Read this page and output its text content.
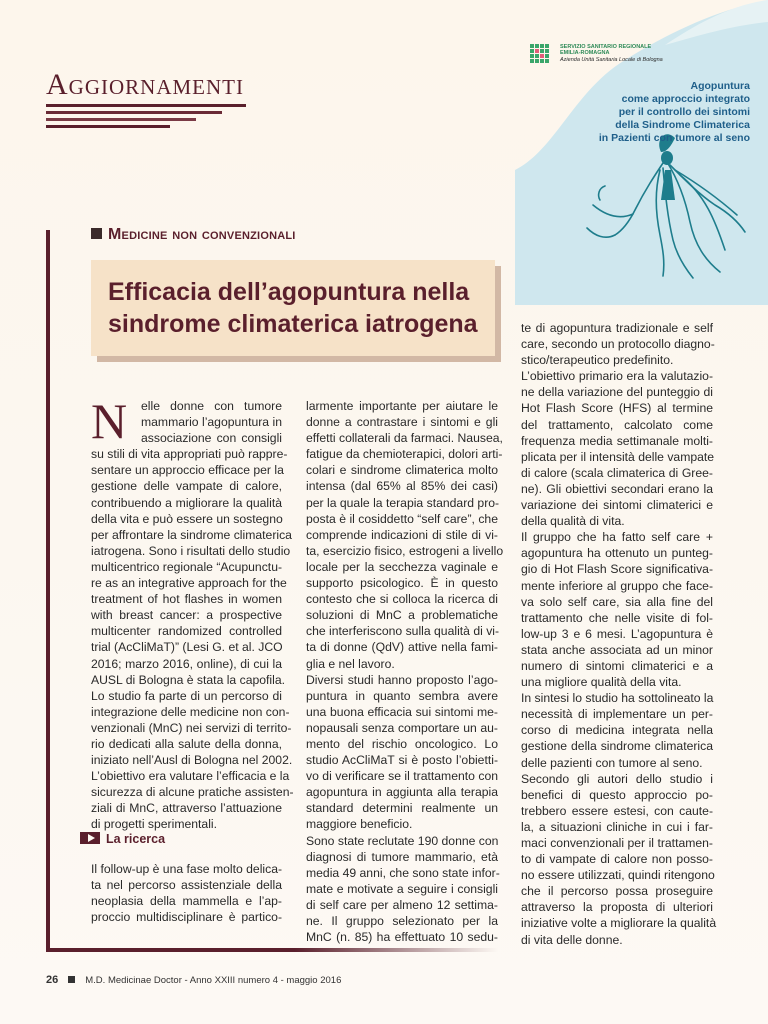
Aggiornamenti
SERVIZIO SANITARIO REGIONALE
EMILIA-ROMAGNA
Azienda Unità Sanitaria Locale di Bologna
Agopuntura
come approccio integrato
per il controllo dei sintomi
della Sindrome Climaterica
in Pazienti con tumore al seno
Medicine non convenzionali
Efficacia dell’agopuntura nella
sindrome climaterica iatrogena
N	elle donne con tumore
mammario l’agopuntura in
associazione con consigli
su stili di vita appropriati può rappre-
sentare un approccio efficace per la
gestione delle vampate di calore,
contribuendo a migliorare la qualità
della vita e può essere un sostegno
per affrontare la sindrome climaterica
iatrogena. Sono i risultati dello studio
multicentrico regionale “Acupunctu-
re as an integrative approach for the
treatment of hot flashes in women
with breast cancer: a prospective
multicenter randomized controlled
trial (AcCliMaT)” (Lesi G. et al. JCO
2016; marzo 2016, online), di cui la
AUSL di Bologna è stata la capofila.
Lo studio fa parte di un percorso di
integrazione delle medicine non con-
venzionali (MnC) nei servizi di territo-
rio dedicati alla salute della donna,
iniziato nell’Ausl di Bologna nel 2002.
L’obiettivo era valutare l’efficacia e la
sicurezza di alcune pratiche assisten-
ziali di MnC, attraverso l’attuazione
di progetti sperimentali.
La ricerca
Il follow-up è una fase molto delica-
ta nel percorso assistenziale della
neoplasia della mammella e l’ap-
proccio multidisciplinare è partico-
larmente importante per aiutare le
donne a contrastare i sintomi e gli
effetti collaterali da farmaci. Nausea,
fatigue da chemioterapici, dolori arti-
colari e sindrome climaterica molto
intensa (dal 65% al 85% dei casi)
per la quale la terapia standard pro-
posta è il cosiddetto “self care”, che
comprende indicazioni di stile di vi-
ta, esercizio fisico, estrogeni a livello
locale per la secchezza vaginale e
supporto psicologico. È in questo
contesto che si colloca la ricerca di
soluzioni di MnC a problematiche
che interferiscono sulla qualità di vi-
ta di donne (QdV) attive nella fami-
glia e nel lavoro.
Diversi studi hanno proposto l’ago-
puntura in quanto sembra avere
una buona efficacia sui sintomi me-
nopausali senza comportare un au-
mento del rischio oncologico. Lo
studio AcCliMaT si è posto l’obietti-
vo di verificare se il trattamento con
agopuntura in aggiunta alla terapia
standard determini realmente un
maggiore beneficio.
Sono state reclutate 190 donne con
diagnosi di tumore mammario, età
media 49 anni, che sono state infor-
mate e motivate a seguire i consigli
di self care per almeno 12 settima-
ne. Il gruppo selezionato per la
MnC (n. 85) ha effettuato 10 sedu-
te di agopuntura tradizionale e self
care, secondo un protocollo diagno-
stico/terapeutico predefinito.
L’obiettivo primario era la valutazio-
ne della variazione del punteggio di
Hot Flash Score (HFS) al termine
del trattamento, calcolato come
frequenza media settimanale molti-
plicata per il intensità delle vampate
di calore (scala climaterica di Gree-
ne). Gli obiettivi secondari erano la
variazione dei sintomi climaterici e
della qualità di vita.
Il gruppo che ha fatto self care +
agopuntura ha ottenuto un punteg-
gio di Hot Flash Score significativa-
mente inferiore al gruppo che face-
va solo self care, sia alla fine del
trattamento che nelle visite di fol-
low-up 3 e 6 mesi. L’agopuntura è
stata anche associata ad un minor
numero di sintomi climaterici e a
una migliore qualità della vita.
In sintesi lo studio ha sottolineato la
necessità di implementare un per-
corso di medicina integrata nella
gestione della sindrome climaterica
delle pazienti con tumore al seno.
Secondo gli autori dello studio i
benefici di questo approccio po-
trebbero essere estesi, con caute-
la, a situazioni cliniche in cui i far-
maci convenzionali per il trattamen-
to di vampate di calore non posso-
no essere utilizzati, quindi ritengono
che il percorso possa proseguire
attraverso la proposta di ulteriori
iniziative volte a migliorare la qualità
di vita delle donne.
26	M.D. Medicinae Doctor - Anno XXIII numero 4 - maggio 2016
